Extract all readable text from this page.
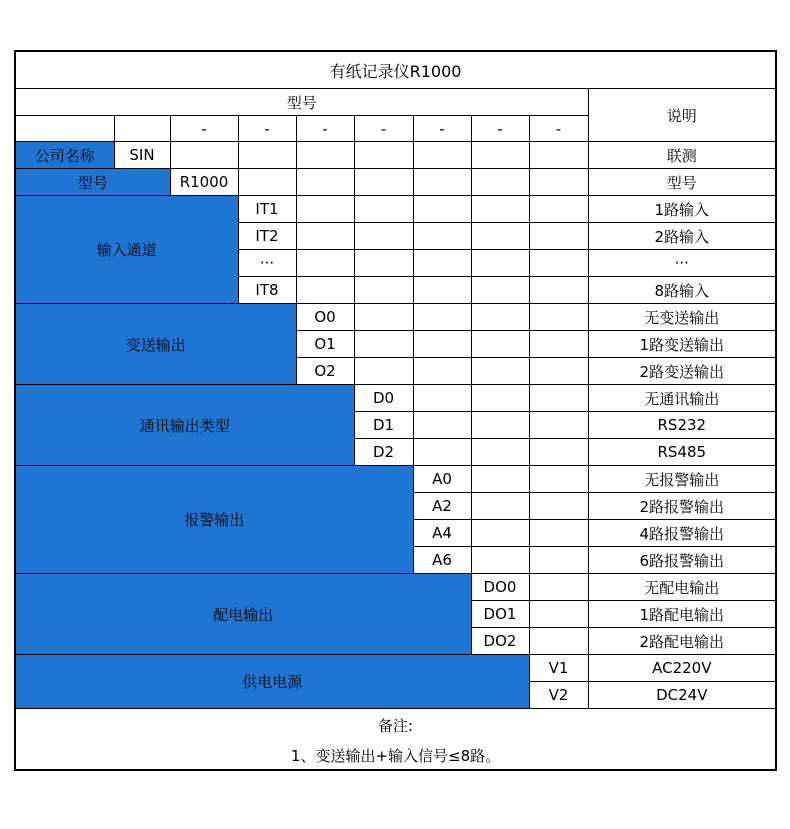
有纸记录仪R1000									
型号									说明
		-	-	-	-	-	-	-	
公司名称	SIN								联测
型号		R1000							型号
输入通道			IT1						1路输入
			IT2						2路输入
			···						···
			IT8						8路输入
变送输出				O0					无变送输出
				O1					1路变送输出
				O2					2路变送输出
通讯输出类型					D0				无通讯输出
					D1				RS232
					D2				RS485
报警输出						A0			无报警输出
						A2			2路报警输出
						A4			4路报警输出
						A6			6路报警输出
配电输出							DO0		无配电输出
							DO1		1路配电输出
							DO2		2路配电输出
供电电源								V1	AC220V
								V2	DC24V

备注:
1、变送输出+输入信号≤8路。									
